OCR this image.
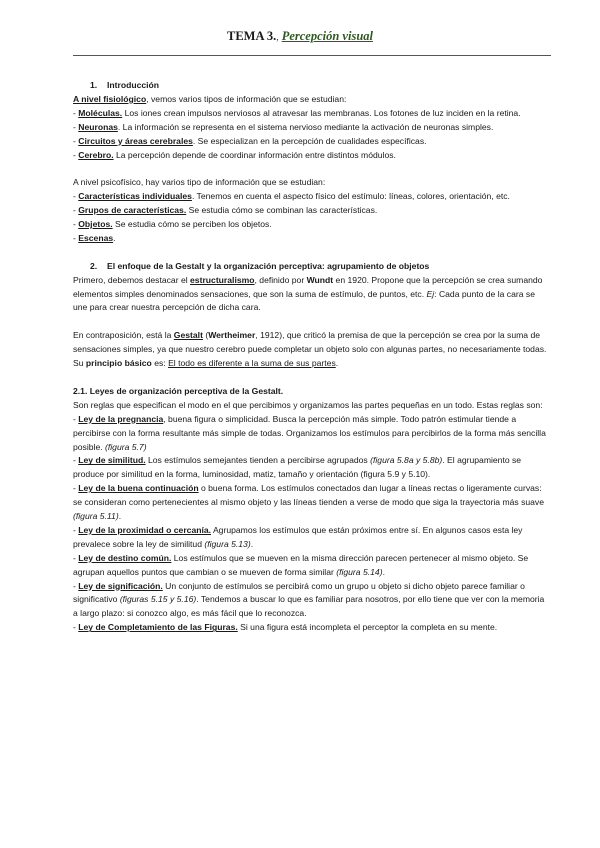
TEMA 3., Percepción visual

1. Introducción

A nivel fisiológico, vemos varios tipos de información que se estudian:

- Moléculas. Los iones crean impulsos nerviosos al atravesar las membranas. Los fotones de luz inciden en la retina.

- Neuronas. La información se representa en el sistema nervioso mediante la activación de neuronas simples.

- Circuitos y áreas cerebrales. Se especializan en la percepción de cualidades específicas.

- Cerebro. La percepción depende de coordinar información entre distintos módulos.

A nivel psicofísico, hay varios tipo de información que se estudian:

- Características individuales. Tenemos en cuenta el aspecto físico del estímulo: líneas, colores, orientación, etc.

- Grupos de características. Se estudia cómo se combinan las características.

- Objetos. Se estudia cómo se perciben los objetos.

- Escenas.

2. El enfoque de la Gestalt y la organización perceptiva: agrupamiento de objetos

Primero, debemos destacar el estructuralismo, definido por Wundt en 1920. Propone que la percepción se crea sumando elementos simples denominados sensaciones, que son la suma de estímulo, de puntos, etc. Ej: Cada punto de la cara se une para crear nuestra percepción de dicha cara.

En contraposición, está la Gestalt (Wertheimer, 1912), que criticó la premisa de que la percepción se crea por la suma de sensaciones simples, ya que nuestro cerebro puede completar un objeto solo con algunas partes, no necesariamente todas. Su principio básico es: El todo es diferente a la suma de sus partes.

2.1. Leyes de organización perceptiva de la Gestalt.

Son reglas que especifican el modo en el que percibimos y organizamos las partes pequeñas en un todo. Estas reglas son:

- Ley de la pregnancia, buena figura o simplicidad. Busca la percepción más simple. Todo patrón estimular tiende a percibirse con la forma resultante más simple de todas. Organizamos los estímulos para percibirlos de la forma más sencilla posible. (figura 5.7)

- Ley de similitud. Los estímulos semejantes tienden a percibirse agrupados (figura 5.8a y 5.8b). El agrupamiento se produce por similitud en la forma, luminosidad, matiz, tamaño y orientación (figura 5.9 y 5.10).

- Ley de la buena continuación o buena forma. Los estímulos conectados dan lugar a líneas rectas o ligeramente curvas: se consideran como pertenecientes al mismo objeto y las líneas tienden a verse de modo que siga la trayectoria más suave (figura 5.11).

- Ley de la proximidad o cercanía. Agrupamos los estímulos que están próximos entre sí. En algunos casos esta ley prevalece sobre la ley de similitud (figura 5.13).

- Ley de destino común. Los estímulos que se mueven en la misma dirección parecen pertenecer al mismo objeto. Se agrupan aquellos puntos que cambian o se mueven de forma similar (figura 5.14).

- Ley de significación. Un conjunto de estímulos se percibirá como un grupo u objeto si dicho objeto parece familiar o significativo (figuras 5.15 y 5.16). Tendemos a buscar lo que es familiar para nosotros, por ello tiene que ver con la memoria a largo plazo: si conozco algo, es más fácil que lo reconozca.

- Ley de Completamiento de las Figuras. Si una figura está incompleta el perceptor la completa en su mente.
